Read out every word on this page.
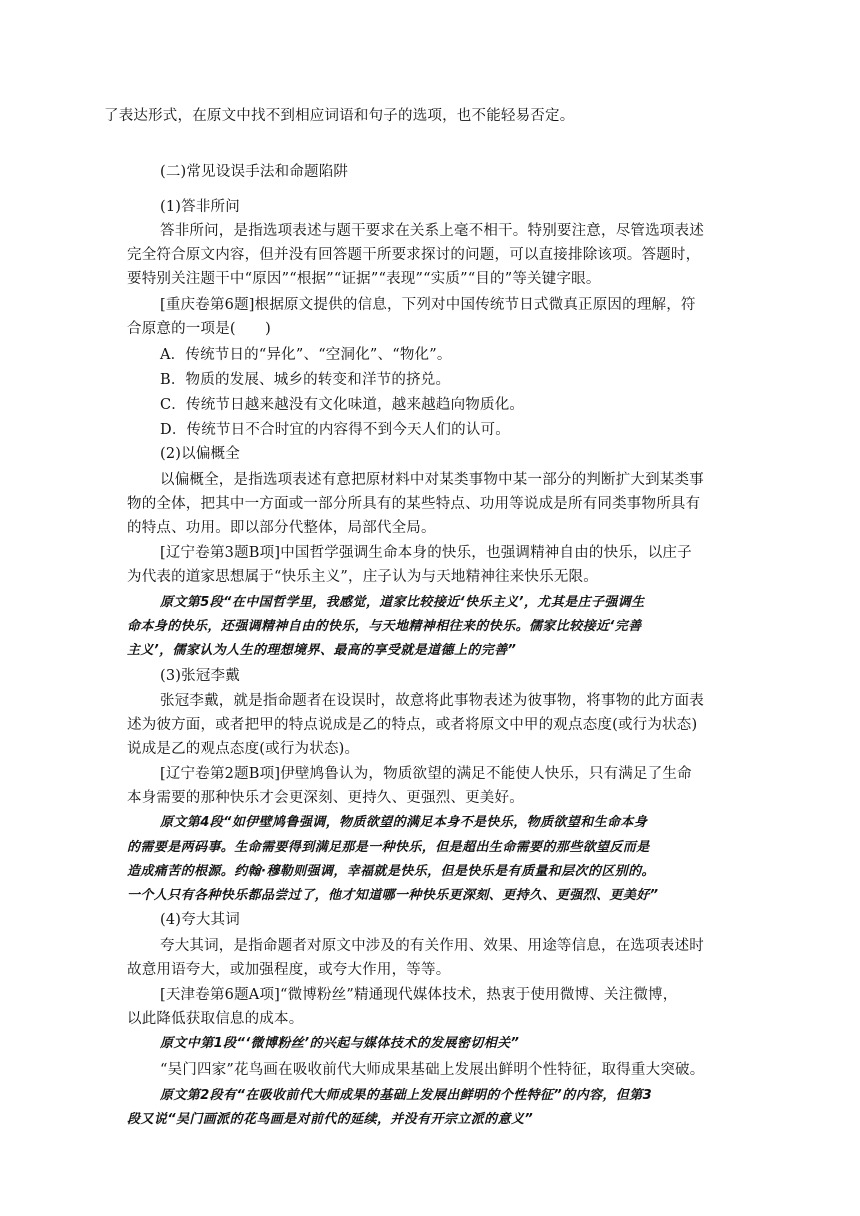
了表达形式，在原文中找不到相应词语和句子的选项，也不能轻易否定。
(二)常见设误手法和命题陷阱
(1)答非所问
答非所问，是指选项表述与题干要求在关系上毫不相干。特别要注意，尽管选项表述
完全符合原文内容，但并没有回答题干所要求探讨的问题，可以直接排除该项。答题时，
要特别关注题干中“原因”“根据”“证据”“表现”“实质”“目的”等关键字眼。
[重庆卷第6题]根据原文提供的信息，下列对中国传统节日式微真正原因的理解，符
合原意的一项是(　　)
A．传统节日的“异化”、“空洞化”、“物化”。
B．物质的发展、城乡的转变和洋节的挤兑。
C．传统节日越来越没有文化味道，越来越趋向物质化。
D．传统节日不合时宜的内容得不到今天人们的认可。
(2)以偏概全
以偏概全，是指选项表述有意把原材料中对某类事物中某一部分的判断扩大到某类事
物的全体，把其中一方面或一部分所具有的某些特点、功用等说成是所有同类事物所具有
的特点、功用。即以部分代整体，局部代全局。
[辽宁卷第3题B项]中国哲学强调生命本身的快乐，也强调精神自由的快乐，以庄子
为代表的道家思想属于“快乐主义”，庄子认为与天地精神往来快乐无限。
原文第5段“在中国哲学里，我感觉，道家比较接近‘快乐主义’，尤其是庄子强调生
命本身的快乐，还强调精神自由的快乐，与天地精神相往来的快乐。儒家比较接近‘完善
主义’，儒家认为人生的理想境界、最高的享受就是道德上的完善”
(3)张冠李戴
张冠李戴，就是指命题者在设误时，故意将此事物表述为彼事物，将事物的此方面表
述为彼方面，或者把甲的特点说成是乙的特点，或者将原文中甲的观点态度(或行为状态)
说成是乙的观点态度(或行为状态)。
[辽宁卷第2题B项]伊壁鸠鲁认为，物质欲望的满足不能使人快乐，只有满足了生命
本身需要的那种快乐才会更深刻、更持久、更强烈、更美好。
原文第4段“如伊壁鸠鲁强调，物质欲望的满足本身不是快乐，物质欲望和生命本身
的需要是两码事。生命需要得到满足那是一种快乐，但是超出生命需要的那些欲望反而是
造成痛苦的根源。约翰·穆勒则强调，幸福就是快乐，但是快乐是有质量和层次的区别的。
一个人只有各种快乐都品尝过了，他才知道哪一种快乐更深刻、更持久、更强烈、更美好”
(4)夸大其词
夸大其词，是指命题者对原文中涉及的有关作用、效果、用途等信息，在选项表述时
故意用语夸大，或加强程度，或夸大作用，等等。
[天津卷第6题A项]“微博粉丝”精通现代媒体技术，热衷于使用微博、关注微博，
以此降低获取信息的成本。
原文中第1段“‘微博粉丝’的兴起与媒体技术的发展密切相关”
“吴门四家”花鸟画在吸收前代大师成果基础上发展出鲜明个性特征，取得重大突破。
原文第2段有“在吸收前代大师成果的基础上发展出鲜明的个性特征”的内容，但第3
段又说“吴门画派的花鸟画是对前代的延续，并没有开宗立派的意义”
